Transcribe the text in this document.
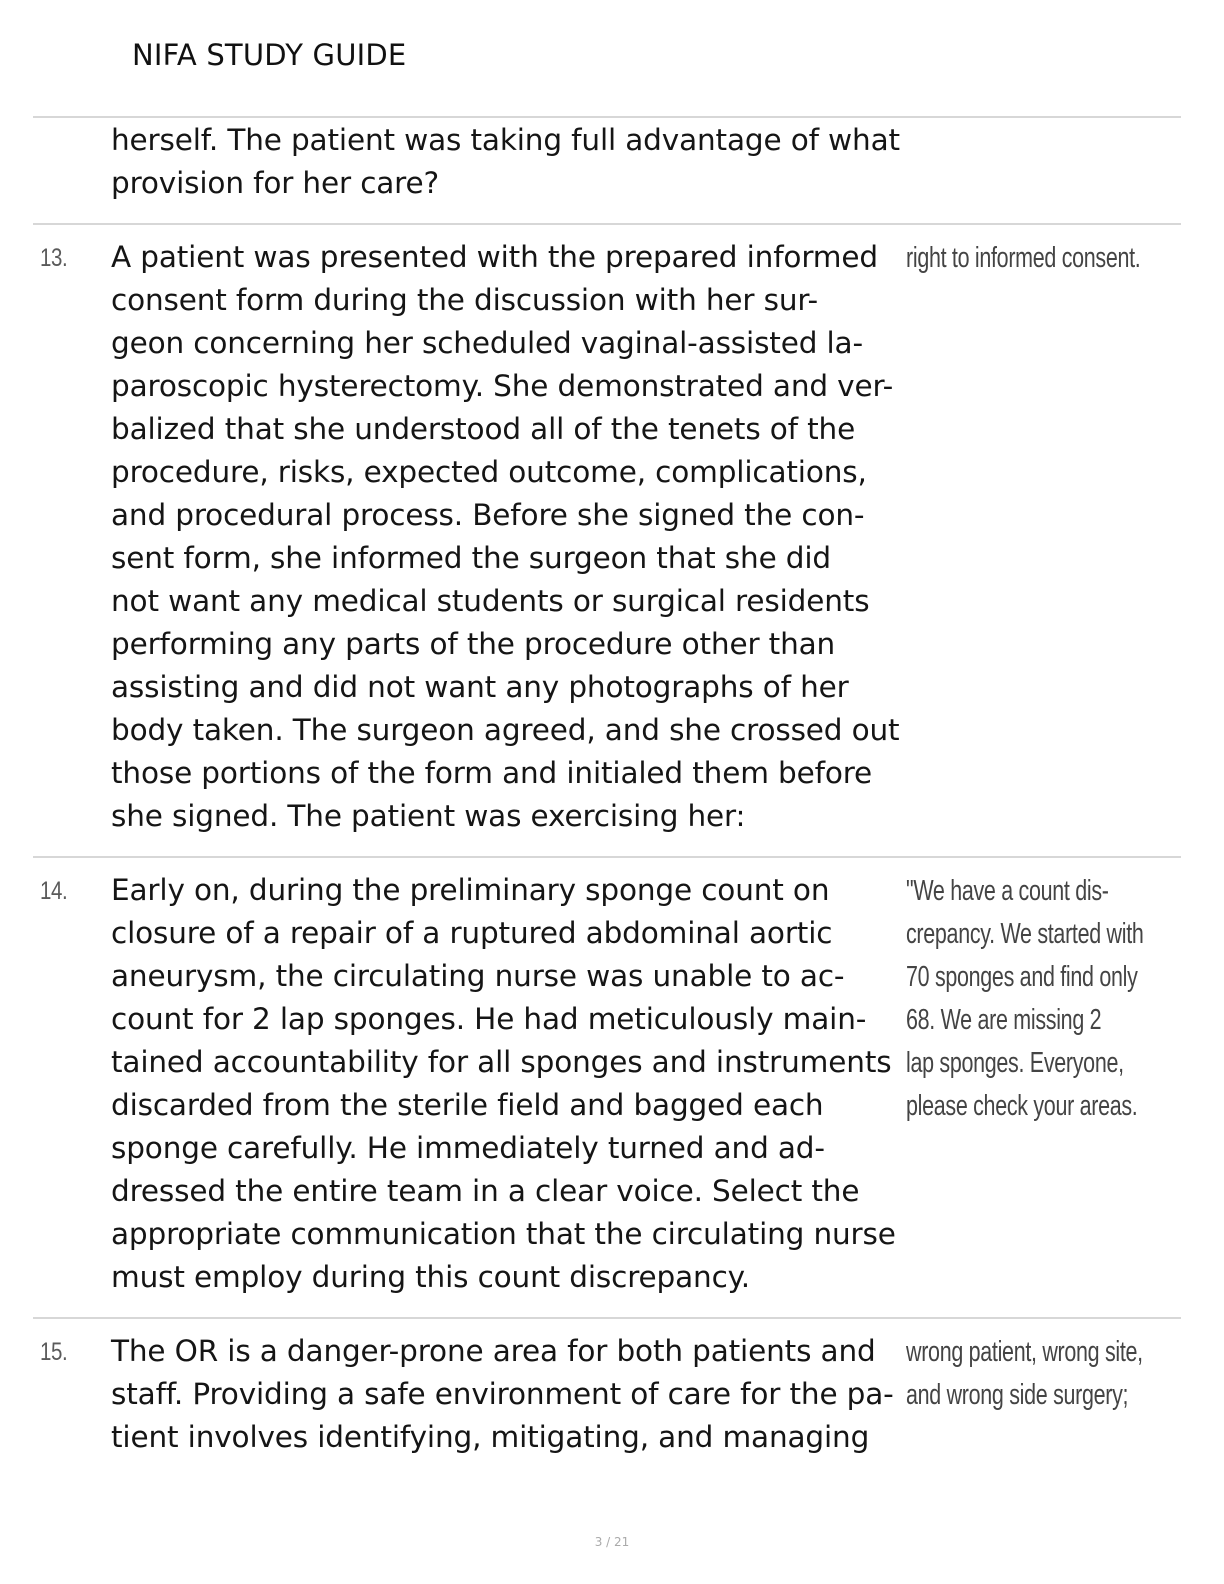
NIFA STUDY GUIDE
herself. The patient was taking full advantage of what
provision for her care?
13. A patient was presented with the prepared informed
consent form during the discussion with her sur-
geon concerning her scheduled vaginal-assisted la-
paroscopic hysterectomy. She demonstrated and ver-
balized that she understood all of the tenets of the
procedure, risks, expected outcome, complications,
and procedural process. Before she signed the con-
sent form, she informed the surgeon that she did
not want any medical students or surgical residents
performing any parts of the procedure other than
assisting and did not want any photographs of her
body taken. The surgeon agreed, and she crossed out
those portions of the form and initialed them before
she signed. The patient was exercising her:
right to informed consent.
14. Early on, during the preliminary sponge count on
closure of a repair of a ruptured abdominal aortic
aneurysm, the circulating nurse was unable to ac-
count for 2 lap sponges. He had meticulously main-
tained accountability for all sponges and instruments
discarded from the sterile field and bagged each
sponge carefully. He immediately turned and ad-
dressed the entire team in a clear voice. Select the
appropriate communication that the circulating nurse
must employ during this count discrepancy.
"We have a count dis-
crepancy. We started with
70 sponges and find only
68. We are missing 2
lap sponges. Everyone,
please check your areas.
15. The OR is a danger-prone area for both patients and
staff. Providing a safe environment of care for the pa-
tient involves identifying, mitigating, and managing
wrong patient, wrong site,
and wrong side surgery;
3 / 21
